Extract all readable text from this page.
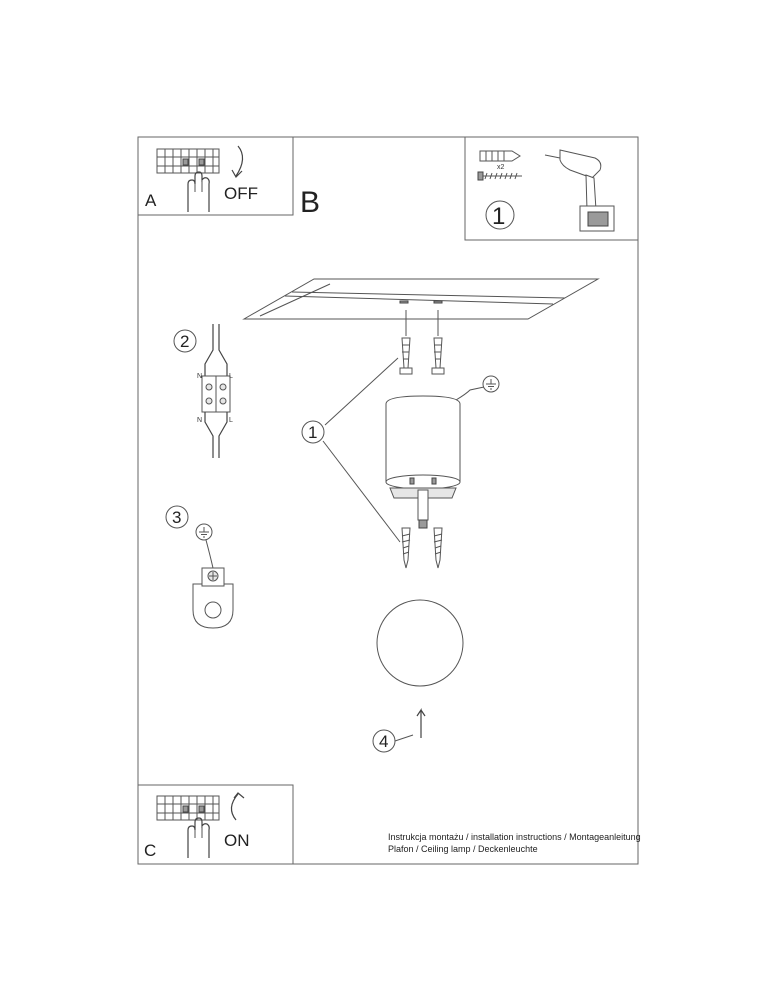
A	OFF B
x2
1
1
2
N	L
N	L
3
4
C
ON	Instrukcja montażu / installation instructions / Montageanleitung
Plafon / Ceiling lamp / Deckenleuchte
